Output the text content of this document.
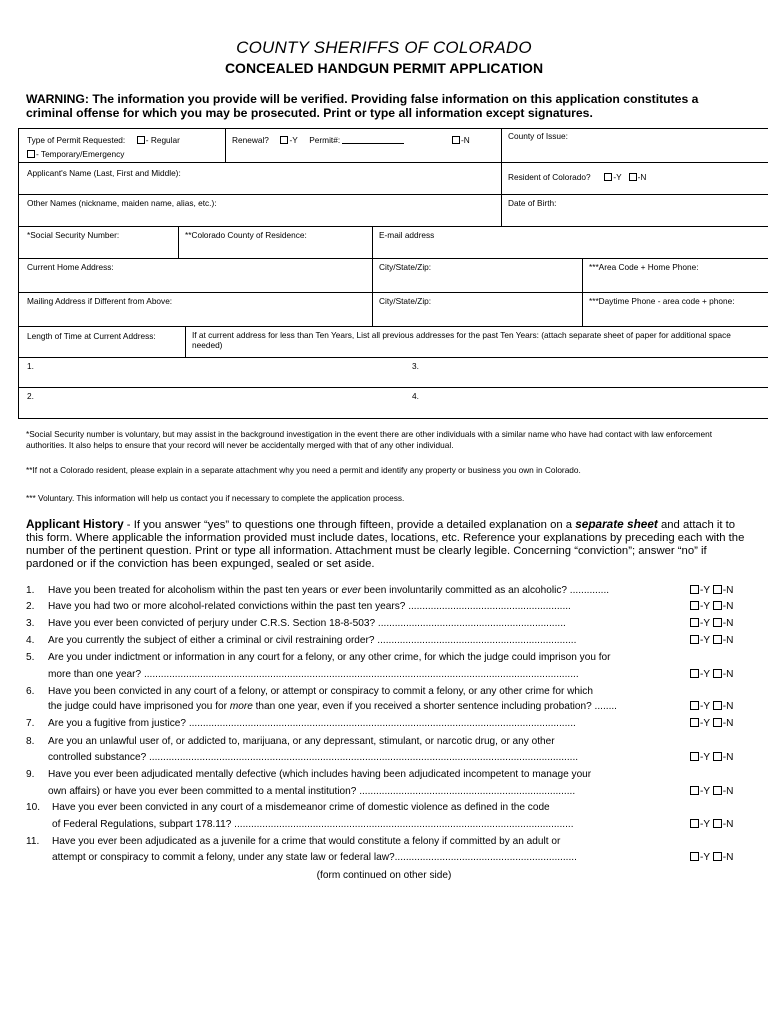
COUNTY SHERIFFS OF COLORADO
CONCEALED HANDGUN PERMIT APPLICATION
WARNING: The information you provide will be verified. Providing false information on this application constitutes a criminal offense for which you may be prosecuted. Print or type all information except signatures.
Type of Permit Requested: - Regular
- Temporary/Emergency
Renewal? -Y Permit#:	-N	County of Issue:
Applicant's Name (Last, First and Middle):	Resident of Colorado?	-Y -N
Other Names (nickname, maiden name, alias, etc.):	Date of Birth:
*Social Security Number:	**Colorado County of Residence:	E-mail address
Current Home Address:	City/State/Zip:	***Area Code + Home Phone:
Mailing Address if Different from Above:	City/State/Zip:	***Daytime Phone - area code + phone:
Length of Time at Current Address:	If at current address for less than Ten Years, List all previous addresses for the past Ten Years: (attach separate sheet of paper for additional space needed)
1.	3.
2.	4.
*Social Security number is voluntary, but may assist in the background investigation in the event there are other individuals with a similar name who have had contact with law enforcement authorities. It also helps to ensure that your record will never be accidentally merged with that of any other individual.
**If not a Colorado resident, please explain in a separate attachment why you need a permit and identify any property or business you own in Colorado.
*** Voluntary. This information will help us contact you if necessary to complete the application process.
Applicant History - If you answer “yes” to questions one through fifteen, provide a detailed explanation on a separate sheet and attach it to this form. Where applicable the information provided must include dates, locations, etc. Reference your explanations by preceding each with the number of the pertinent question. Print or type all information. Attachment must be clearly legible. Concerning “conviction”; answer “no” if pardoned or if the conviction has been expunged, sealed or set aside.
1. Have you been treated for alcoholism within the past ten years or ever been involuntarily committed as an alcoholic? ..............	-Y -N
2. Have you had two or more alcohol-related convictions within the past ten years? ..........................................................	-Y -N
3. Have you ever been convicted of perjury under C.R.S. Section 18-8-503? ...................................................................	-Y -N
4. Are you currently the subject of either a criminal or civil restraining order? .......................................................................	-Y -N
5. Are you under indictment or information in any court for a felony, or any other crime, for which the judge could imprison you for
more than one year? ...........................................................................................................................................................	-Y -N
6. Have you been convicted in any court of a felony, or attempt or conspiracy to commit a felony, or any other crime for which
the judge could have imprisoned you for more than one year, even if you received a shorter sentence including probation? ........	-Y -N
7. Are you a fugitive from justice? ..........................................................................................................................................	-Y -N
8. Are you an unlawful user of, or addicted to, marijuana, or any depressant, stimulant, or narcotic drug, or any other
controlled substance? .........................................................................................................................................................	-Y -N
9. Have you ever been adjudicated mentally defective (which includes having been adjudicated incompetent to manage your
own affairs) or have you ever been committed to a mental institution? .............................................................................	-Y -N
10. Have you ever been convicted in any court of a misdemeanor crime of domestic violence as defined in the code
of Federal Regulations, subpart 178.11? .........................................................................................................................	-Y -N
11. Have you ever been adjudicated as a juvenile for a crime that would constitute a felony if committed by an adult or
attempt or conspiracy to commit a felony, under any state law or federal law?.................................................................	-Y -N
(form continued on other side)
